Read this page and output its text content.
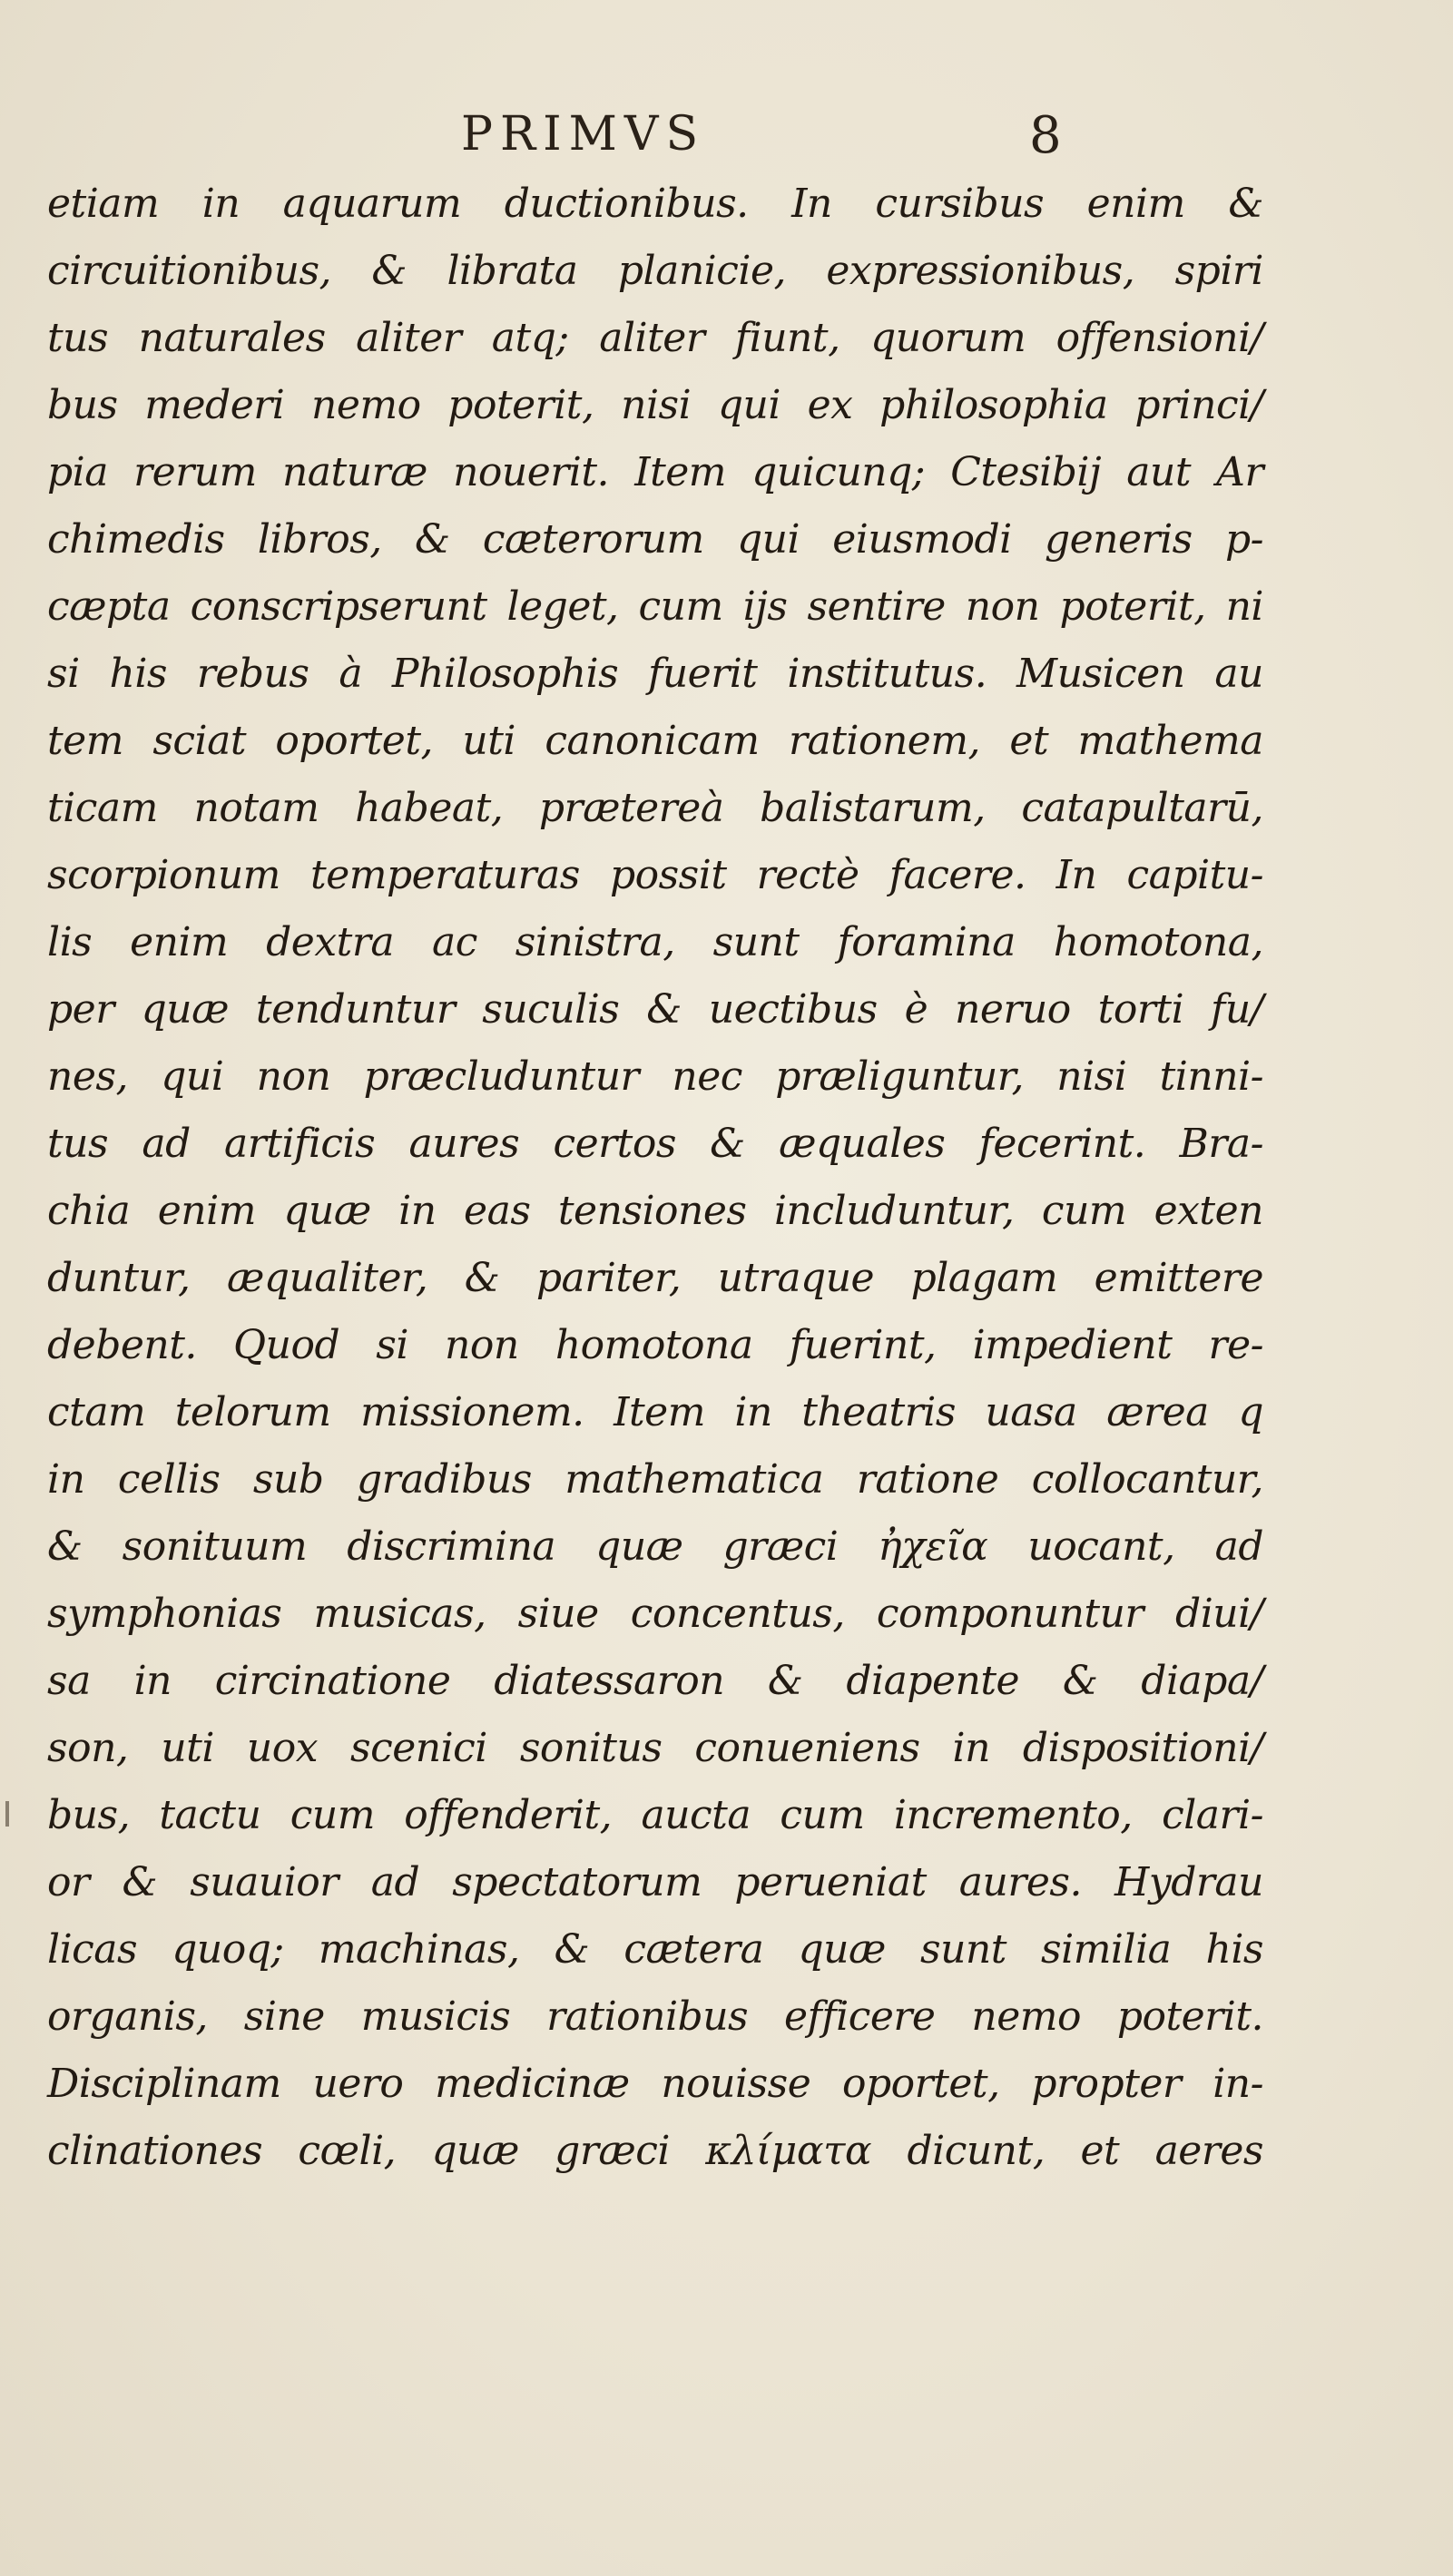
PRIMVS	8
etiam in aquarum ductionibus. In cursibus enim &
circuitionibus, & librata planicie, expressionibus, spiri
tus naturales aliter atq; aliter fiunt, quorum offensioni/
bus mederi nemo poterit, nisi qui ex philosophia princi/
pia rerum naturæ nouerit. Item quicunq; Ctesibij aut Ar
chimedis libros, & cæterorum qui eiusmodi generis p-
cæpta conscripserunt leget, cum ijs sentire non poterit, ni
si his rebus à Philosophis fuerit institutus. Musicen au
tem sciat oportet, uti canonicam rationem, et mathema
ticam notam habeat, prætereà balistarum, catapultarū,
scorpionum temperaturas possit rectè facere. In capitu-
lis enim dextra ac sinistra, sunt foramina homotona,
per quæ tenduntur suculis & uectibus è neruo torti fu/
nes, qui non præcluduntur nec præliguntur, nisi tinni-
tus ad artificis aures certos & æquales fecerint. Bra-
chia enim quæ in eas tensiones includuntur, cum exten
duntur, æqualiter, & pariter, utraque plagam emittere
debent. Quod si non homotona fuerint, impedient re-
ctam telorum missionem. Item in theatris uasa ærea q
in cellis sub gradibus mathematica ratione collocantur,
& sonituum discrimina quæ græci ἠχεῖα uocant, ad
symphonias musicas, siue concentus, componuntur diui/
sa in circinatione diatessaron & diapente & diapa/
son, uti uox scenici sonitus conueniens in dispositioni/
bus, tactu cum offenderit, aucta cum incremento, clari-
or & suauior ad spectatorum perueniat aures. Hydrau
licas quoq; machinas, & cætera quæ sunt similia his
organis, sine musicis rationibus efficere nemo poterit.
Disciplinam uero medicinæ nouisse oportet, propter in-
clinationes cœli, quæ græci κλίματα dicunt, et aeres
